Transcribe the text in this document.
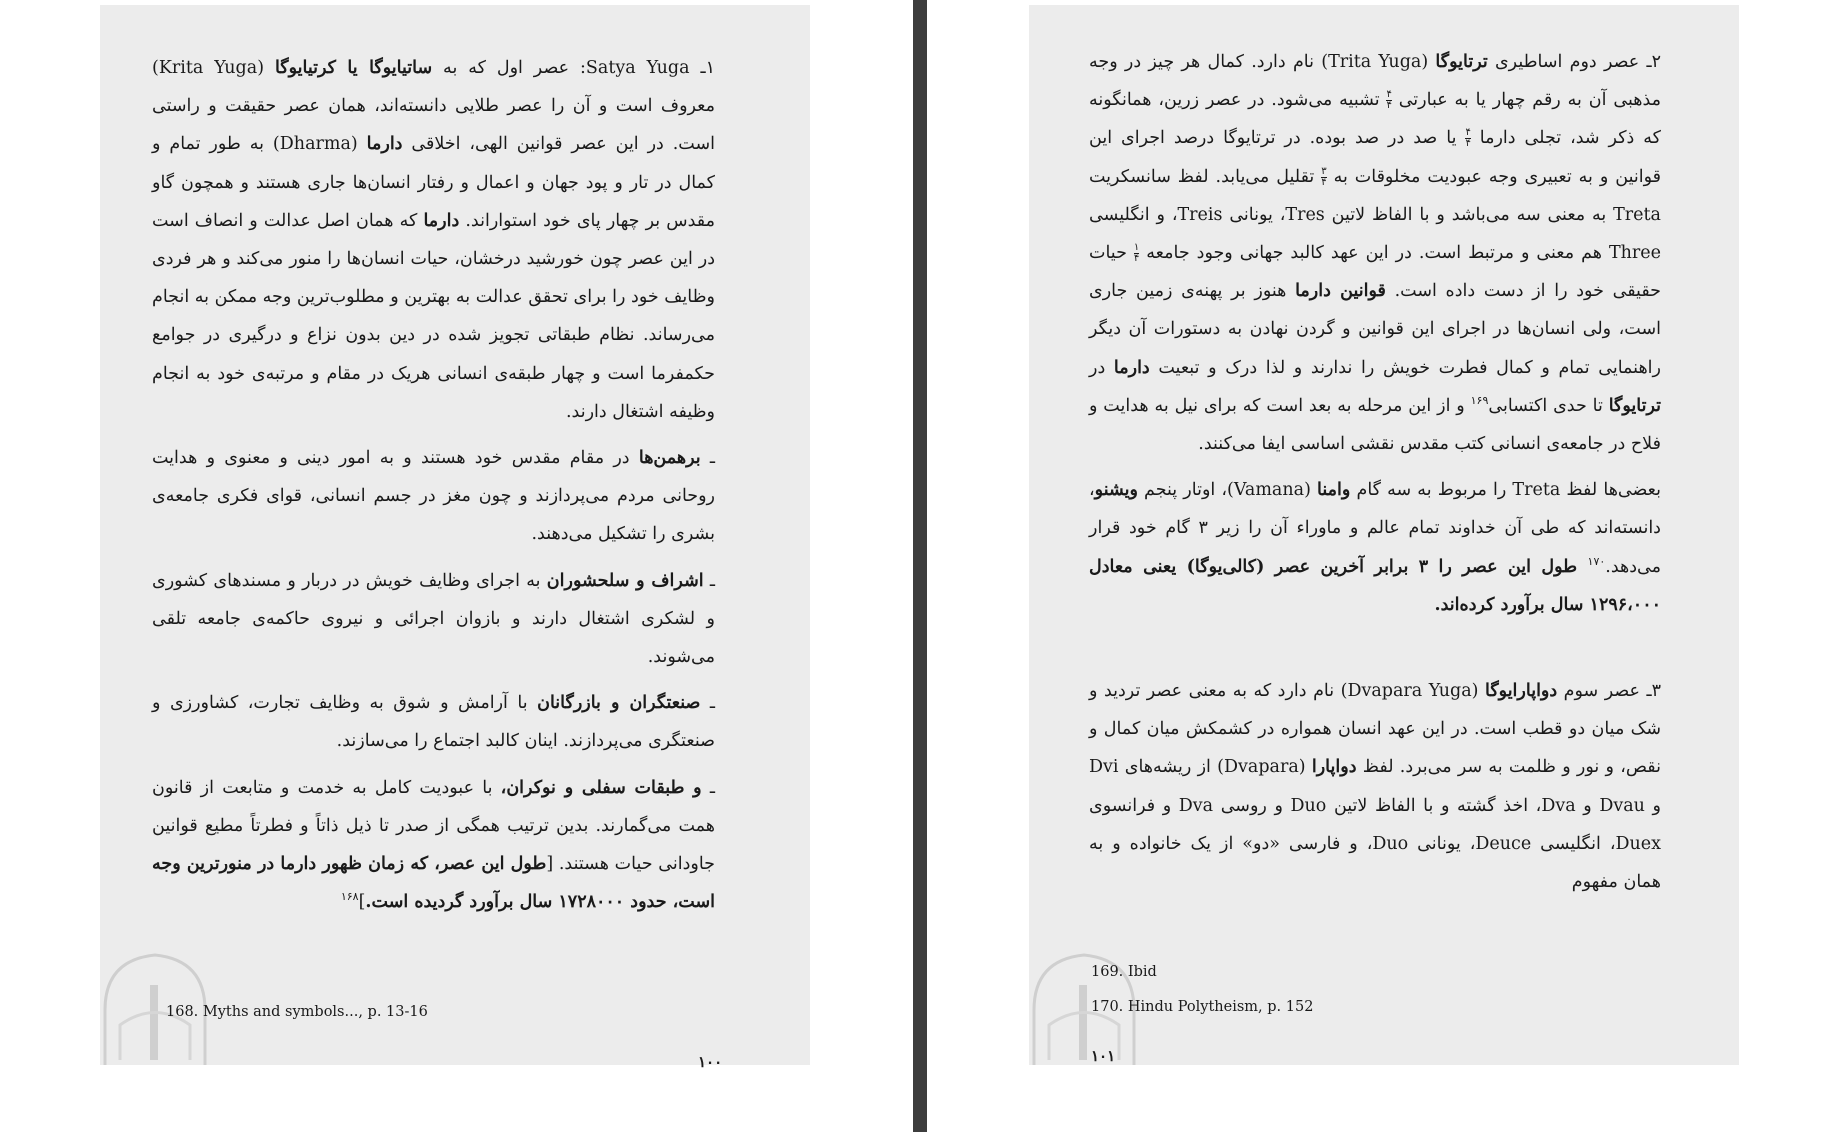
۱ـ Satya Yuga: عصر اول که به ساتیایوگا یا کرتیایوگا (Krita Yuga) معروف است و آن را عصر طلایی دانسته‌اند، همان عصر حقیقت و راستی است. در این عصر قوانین الهی، اخلاقی دارما (Dharma) به طور تمام و کمال در تار و پود جهان و اعمال و رفتار انسان‌ها جاری هستند و همچون گاو مقدس بر چهار پای خود استواراند. دارما که همان اصل عدالت و انصاف است در این عصر چون خورشید درخشان، حیات انسان‌ها را منور می‌کند و هر فردی وظایف خود را برای تحقق عدالت به بهترین و مطلوب‌ترین وجه ممکن به انجام می‌رساند. نظام طبقاتی تجویز شده در دین بدون نزاع و درگیری در جوامع حکمفرما است و چهار طبقه‌ی انسانی هریک در مقام و مرتبه‌ی خود به انجام وظیفه اشتغال دارند.

ـ برهمن‌ها در مقام مقدس خود هستند و به امور دینی و معنوی و هدایت روحانی مردم می‌پردازند و چون مغز در جسم انسانی، قوای فکری جامعه‌ی بشری را تشکیل می‌دهند.

ـ اشراف و سلحشوران به اجرای وظایف خویش در دربار و مسندهای کشوری و لشکری اشتغال دارند و بازوان اجرائی و نیروی حاکمه‌ی جامعه تلقی می‌شوند.

ـ صنعتگران و بازرگانان با آرامش و شوق به وظایف تجارت، کشاورزی و صنعتگری می‌پردازند. اینان کالبد اجتماع را می‌سازند.

ـ و طبقات سفلی و نوکران، با عبودیت کامل به خدمت و متابعت از قانون همت می‌گمارند. بدین ترتیب همگی از صدر تا ذیل ذاتاً و فطرتاً مطیع قوانین جاودانی حیات هستند. [طول این عصر، که زمان ظهور دارما در منورترین وجه است، حدود ۱۷۲۸۰۰۰ سال برآورد گردیده است.]$^{۱۶۸}$

168. Myths and symbols..., p. 13-16
۱۰۰

۲ـ عصر دوم اساطیری ترتایوگا (Trita Yuga) نام دارد. کمال هر چیز در وجه مذهبی آن به رقم چهار یا به عبارتی
$\frac{۴}{۴}$
تشبیه می‌شود. در عصر زرین، همانگونه که ذکر شد، تجلی دارما
$\frac{۴}{۴}$
یا صد در صد بوده. در ترتایوگا درصد اجرای این قوانین و به تعبیری وجه عبودیت مخلوقات به
$\frac{۳}{۴}$
تقلیل می‌یابد. لفظ سانسکریت Treta به معنی سه می‌باشد و با الفاظ لاتین Tres، یونانی Treis، و انگلیسی Three هم معنی و مرتبط است. در این عهد کالبد جهانی وجود جامعه
$\frac{۱}{۴}$
حیات حقیقی خود را از دست داده است. قوانین دارما هنوز بر پهنه‌ی زمین جاری است، ولی انسان‌ها در اجرای این قوانین و گردن نهادن به دستورات آن دیگر راهنمایی تمام و کمال فطرت خویش را ندارند و لذا درک و تبعیت دارما در ترتایوگا تا حدی اکتسابی$^{۱۶۹}$ و از این مرحله به بعد است که برای نیل به هدایت و فلاح در جامعه‌ی انسانی کتب مقدس نقشی اساسی ایفا می‌کنند.

بعضی‌ها لفظ Treta را مربوط به سه گام وامنا (Vamana)، اوتار پنجم ویشنو، دانسته‌اند که طی آن خداوند تمام عالم و ماوراء آن را زیر ۳ گام خود قرار می‌دهد.$^{۱۷۰}$ طول این عصر را ۳ برابر آخرین عصر (کالی‌یوگا) یعنی معادل ۱۲۹۶،۰۰۰ سال برآورد کرده‌اند.

۳ـ عصر سوم دواپارایوگا (Dvapara Yuga) نام دارد که به معنی عصر تردید و شک میان دو قطب است. در این عهد انسان همواره در کشمکش میان کمال و نقص، و نور و ظلمت به سر می‌برد. لفظ دواپارا (Dvapara) از ریشه‌های Dvi و Dvau و Dva، اخذ گشته و با الفاظ لاتین Duo و روسی Dva و فرانسوی Duex، انگلیسی Deuce، یونانی Duo، و فارسی «دو» از یک خانواده و به همان مفهوم

169. Ibid
170. Hindu Polytheism, p. 152
۱۰۱
